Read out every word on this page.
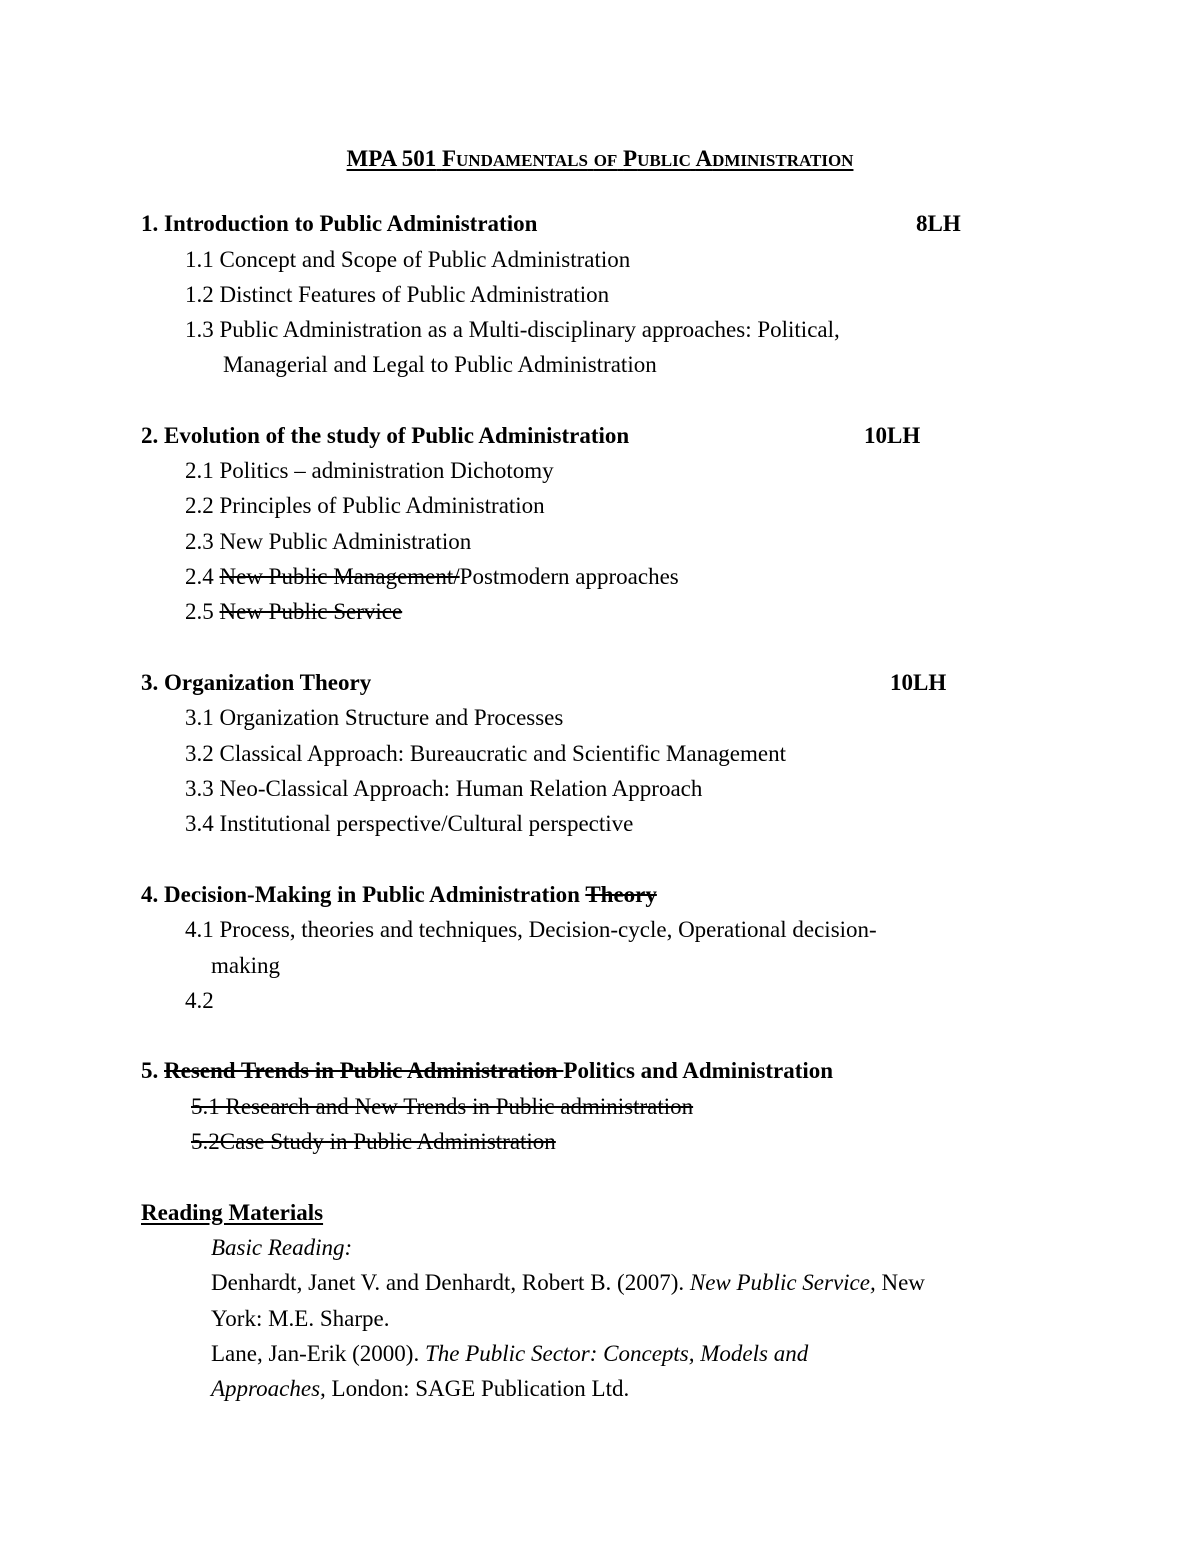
MPA 501 FUNDAMENTALS OF PUBLIC ADMINISTRATION
1. Introduction to Public Administration	8LH
1.1 Concept and Scope of Public Administration
1.2 Distinct Features of Public Administration
1.3 Public Administration as a Multi-disciplinary approaches: Political,
Managerial and Legal to Public Administration
2. Evolution of the study of Public Administration	10LH
2.1 Politics – administration Dichotomy
2.2 Principles of Public Administration
2.3 New Public Administration
2.4 New Public Management/Postmodern approaches
2.5 New Public Service
3. Organization Theory	10LH
3.1 Organization Structure and Processes
3.2 Classical Approach: Bureaucratic and Scientific Management
3.3 Neo-Classical Approach: Human Relation Approach
3.4 Institutional perspective/Cultural perspective
4. Decision-Making in Public Administration Theory
4.1 Process, theories and techniques, Decision-cycle, Operational decision-
making
4.2
5. Resend Trends in Public Administration Politics and Administration
5.1 Research and New Trends in Public administration
5.2Case Study in Public Administration
Reading Materials
Basic Reading:
Denhardt, Janet V. and Denhardt, Robert B. (2007). New Public Service, New
York: M.E. Sharpe.
Lane, Jan-Erik (2000). The Public Sector: Concepts, Models and
Approaches, London: SAGE Publication Ltd.
